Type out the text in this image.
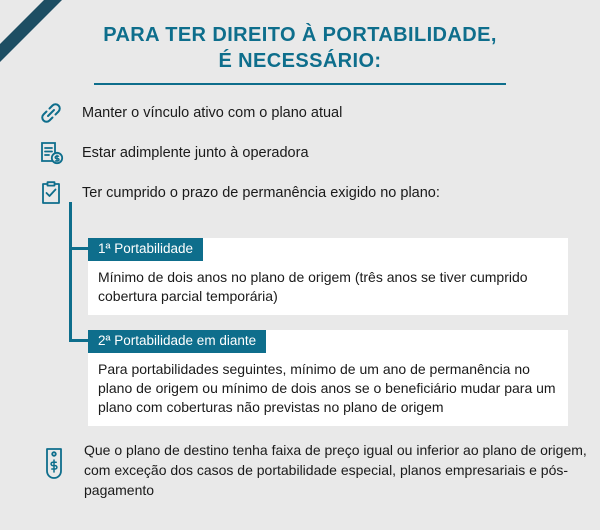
PARA TER DIREITO À PORTABILIDADE,
É NECESSÁRIO:
Manter o vínculo ativo com o plano atual
Estar adimplente junto à operadora
Ter cumprido o prazo de permanência exigido no plano:
1ª Portabilidade
Mínimo de dois anos no plano de origem (três anos se tiver cumprido cobertura parcial temporária)
2ª Portabilidade em diante
Para portabilidades seguintes, mínimo de um ano de permanência no plano de origem ou mínimo de dois anos se o beneficiário mudar para um plano com coberturas não previstas no plano de origem
Que o plano de destino tenha faixa de preço igual ou inferior ao plano de origem, com exceção dos casos de portabilidade especial, planos empresariais e pós-pagamento
